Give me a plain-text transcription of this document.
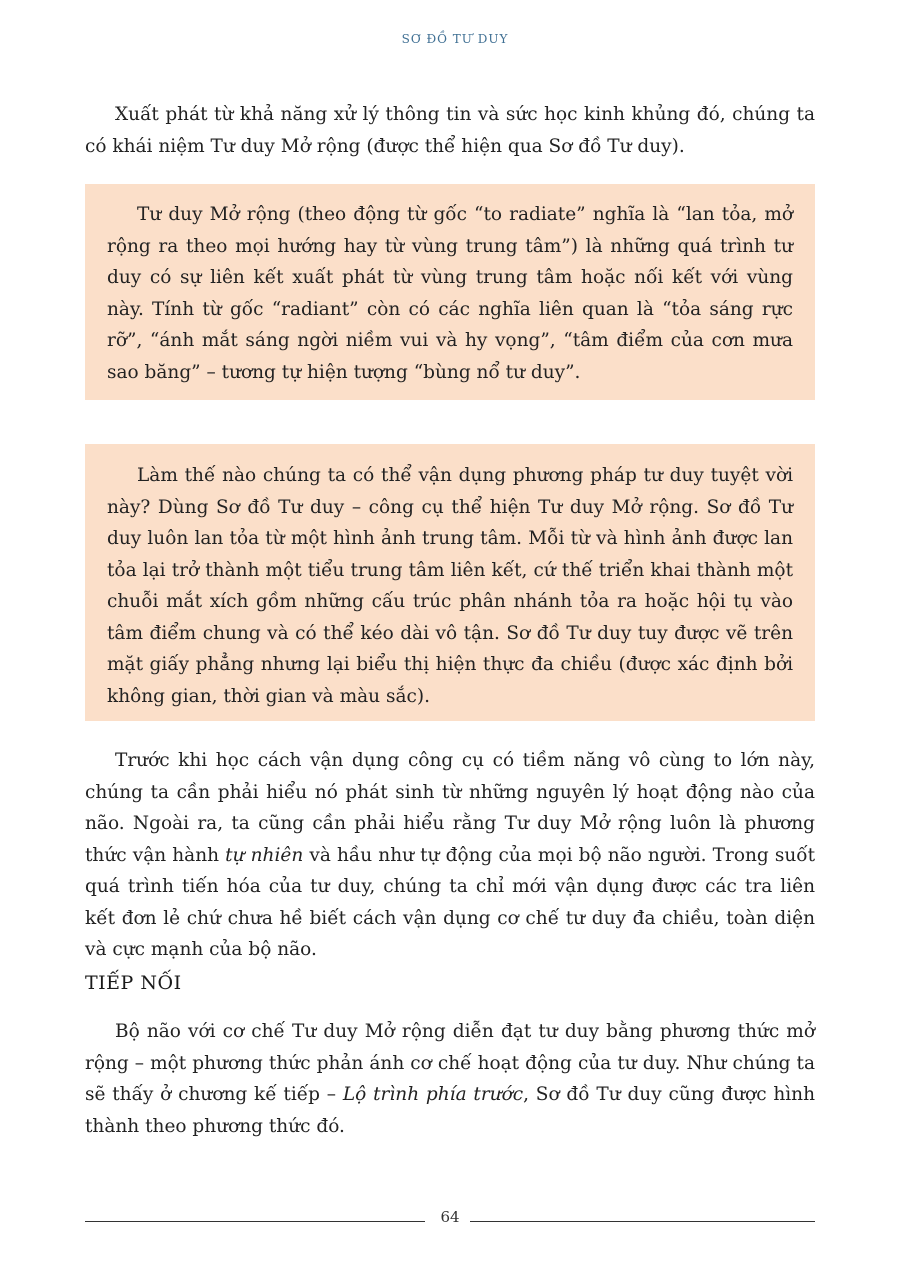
SƠ ĐỒ TƯ DUY

Xuất phát từ khả năng xử lý thông tin và sức học kinh khủng đó, chúng ta có khái niệm Tư duy Mở rộng (được thể hiện qua Sơ đồ Tư duy).

Tư duy Mở rộng (theo động từ gốc “to radiate” nghĩa là “lan tỏa, mở rộng ra theo mọi hướng hay từ vùng trung tâm”) là những quá trình tư duy có sự liên kết xuất phát từ vùng trung tâm hoặc nối kết với vùng này. Tính từ gốc “radiant” còn có các nghĩa liên quan là “tỏa sáng rực rỡ”, “ánh mắt sáng ngời niềm vui và hy vọng”, “tâm điểm của cơn mưa sao băng” – tương tự hiện tượng “bùng nổ tư duy”.

Làm thế nào chúng ta có thể vận dụng phương pháp tư duy tuyệt vời này? Dùng Sơ đồ Tư duy – công cụ thể hiện Tư duy Mở rộng. Sơ đồ Tư duy luôn lan tỏa từ một hình ảnh trung tâm. Mỗi từ và hình ảnh được lan tỏa lại trở thành một tiểu trung tâm liên kết, cứ thế triển khai thành một chuỗi mắt xích gồm những cấu trúc phân nhánh tỏa ra hoặc hội tụ vào tâm điểm chung và có thể kéo dài vô tận. Sơ đồ Tư duy tuy được vẽ trên mặt giấy phẳng nhưng lại biểu thị hiện thực đa chiều (được xác định bởi không gian, thời gian và màu sắc).

Trước khi học cách vận dụng công cụ có tiềm năng vô cùng to lớn này, chúng ta cần phải hiểu nó phát sinh từ những nguyên lý hoạt động nào của não. Ngoài ra, ta cũng cần phải hiểu rằng Tư duy Mở rộng luôn là phương thức vận hành tự nhiên và hầu như tự động của mọi bộ não người. Trong suốt quá trình tiến hóa của tư duy, chúng ta chỉ mới vận dụng được các tra liên kết đơn lẻ chứ chưa hề biết cách vận dụng cơ chế tư duy đa chiều, toàn diện và cực mạnh của bộ não.

TIẾP NỐI

Bộ não với cơ chế Tư duy Mở rộng diễn đạt tư duy bằng phương thức mở rộng – một phương thức phản ánh cơ chế hoạt động của tư duy. Như chúng ta sẽ thấy ở chương kế tiếp – Lộ trình phía trước, Sơ đồ Tư duy cũng được hình thành theo phương thức đó.

64
